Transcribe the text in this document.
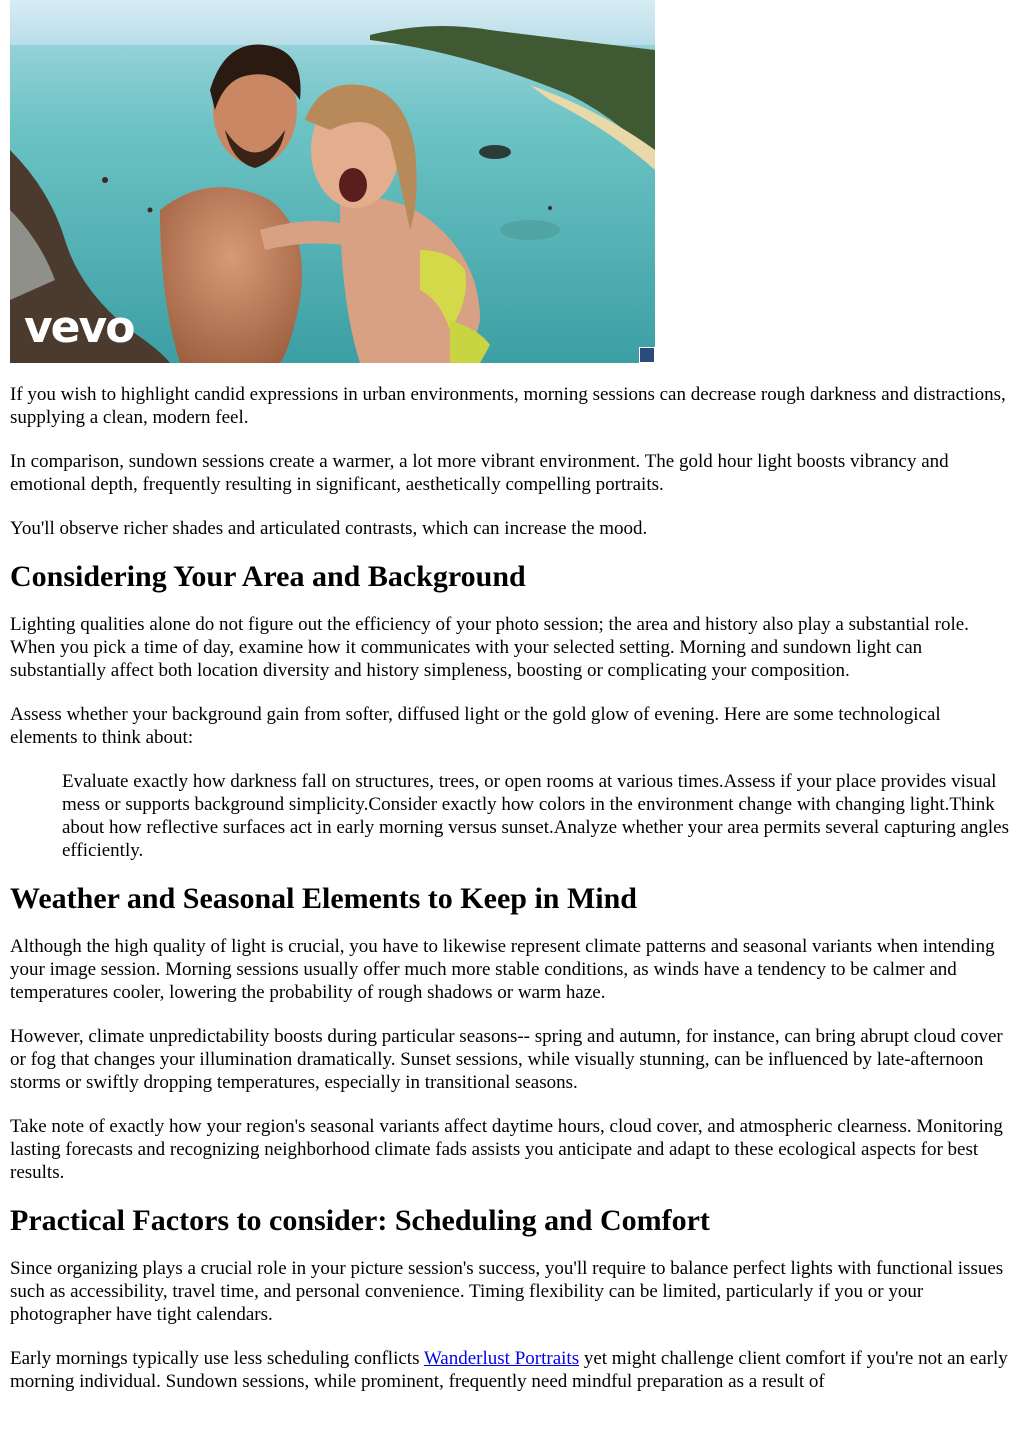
vevo

If you wish to highlight candid expressions in urban environments, morning sessions can decrease rough darkness and distractions, supplying a clean, modern feel.

In comparison, sundown sessions create a warmer, a lot more vibrant environment. The gold hour light boosts vibrancy and emotional depth, frequently resulting in significant, aesthetically compelling portraits.

You'll observe richer shades and articulated contrasts, which can increase the mood.

Considering Your Area and Background

Lighting qualities alone do not figure out the efficiency of your photo session; the area and history also play a substantial role. When you pick a time of day, examine how it communicates with your selected setting. Morning and sundown light can substantially affect both location diversity and history simpleness, boosting or complicating your composition.

Assess whether your background gain from softer, diffused light or the gold glow of evening. Here are some technological elements to think about:

Evaluate exactly how darkness fall on structures, trees, or open rooms at various times.Assess if your place provides visual mess or supports background simplicity.Consider exactly how colors in the environment change with changing light.Think about how reflective surfaces act in early morning versus sunset.Analyze whether your area permits several capturing angles efficiently.

Weather and Seasonal Elements to Keep in Mind

Although the high quality of light is crucial, you have to likewise represent climate patterns and seasonal variants when intending your image session. Morning sessions usually offer much more stable conditions, as winds have a tendency to be calmer and temperatures cooler, lowering the probability of rough shadows or warm haze.

However, climate unpredictability boosts during particular seasons-- spring and autumn, for instance, can bring abrupt cloud cover or fog that changes your illumination dramatically. Sunset sessions, while visually stunning, can be influenced by late-afternoon storms or swiftly dropping temperatures, especially in transitional seasons.

Take note of exactly how your region's seasonal variants affect daytime hours, cloud cover, and atmospheric clearness. Monitoring lasting forecasts and recognizing neighborhood climate fads assists you anticipate and adapt to these ecological aspects for best results.

Practical Factors to consider: Scheduling and Comfort

Since organizing plays a crucial role in your picture session's success, you'll require to balance perfect lights with functional issues such as accessibility, travel time, and personal convenience. Timing flexibility can be limited, particularly if you or your photographer have tight calendars.

Early mornings typically use less scheduling conflicts Wanderlust Portraits yet might challenge client comfort if you're not an early morning individual. Sundown sessions, while prominent, frequently need mindful preparation as a result of
